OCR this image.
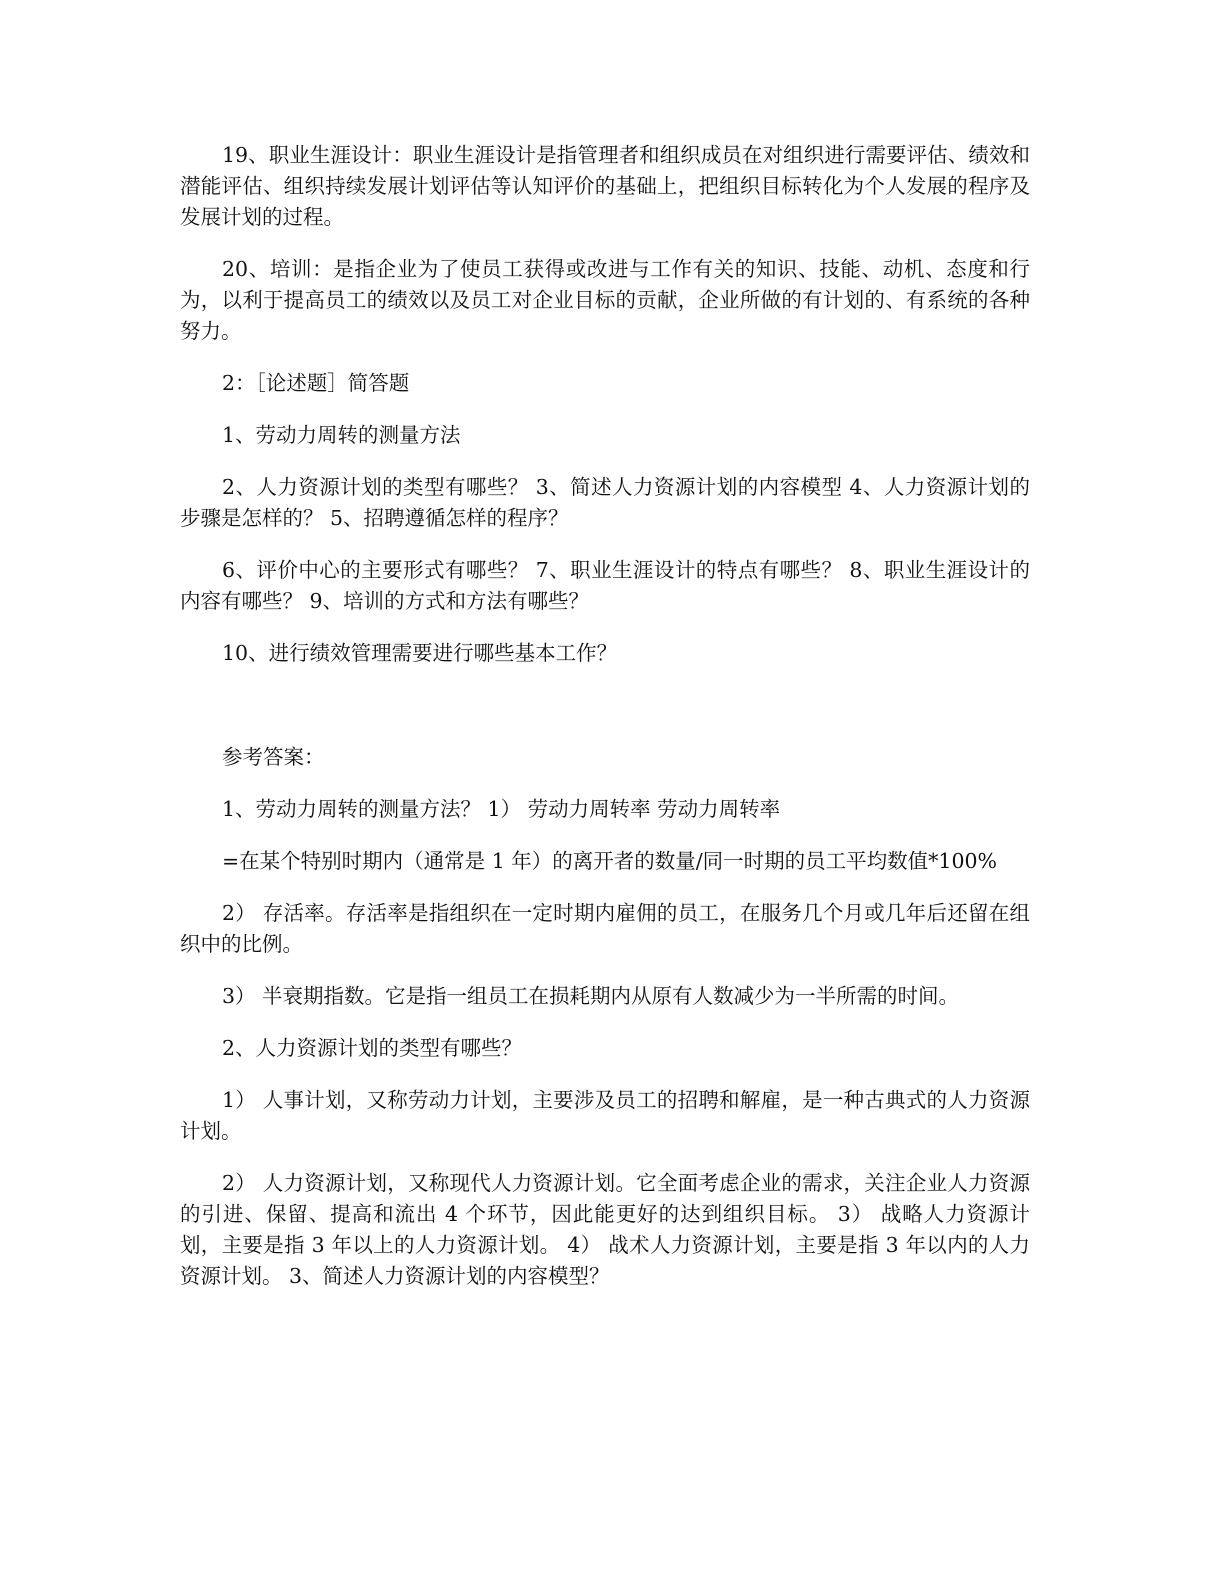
19、职业生涯设计：职业生涯设计是指管理者和组织成员在对组织进行需要评估、绩效和潜能评估、组织持续发展计划评估等认知评价的基础上，把组织目标转化为个人发展的程序及发展计划的过程。

20、培训：是指企业为了使员工获得或改进与工作有关的知识、技能、动机、态度和行为，以利于提高员工的绩效以及员工对企业目标的贡献，企业所做的有计划的、有系统的各种努力。

2：［论述题］简答题

1、劳动力周转的测量方法

2、人力资源计划的类型有哪些？ 3、简述人力资源计划的内容模型 4、人力资源计划的步骤是怎样的？ 5、招聘遵循怎样的程序？

6、评价中心的主要形式有哪些？ 7、职业生涯设计的特点有哪些？ 8、职业生涯设计的内容有哪些？ 9、培训的方式和方法有哪些？

10、进行绩效管理需要进行哪些基本工作？

参考答案：

1、劳动力周转的测量方法？ 1） 劳动力周转率 劳动力周转率

=在某个特别时期内（通常是 1 年）的离开者的数量/同一时期的员工平均数值*100%

2） 存活率。存活率是指组织在一定时期内雇佣的员工，在服务几个月或几年后还留在组织中的比例。

3） 半衰期指数。它是指一组员工在损耗期内从原有人数减少为一半所需的时间。

2、人力资源计划的类型有哪些？

1） 人事计划，又称劳动力计划，主要涉及员工的招聘和解雇，是一种古典式的人力资源计划。

2） 人力资源计划，又称现代人力资源计划。它全面考虑企业的需求，关注企业人力资源的引进、保留、提高和流出 4 个环节，因此能更好的达到组织目标。 3） 战略人力资源计划，主要是指 3 年以上的人力资源计划。 4） 战术人力资源计划，主要是指 3 年以内的人力资源计划。 3、简述人力资源计划的内容模型？
